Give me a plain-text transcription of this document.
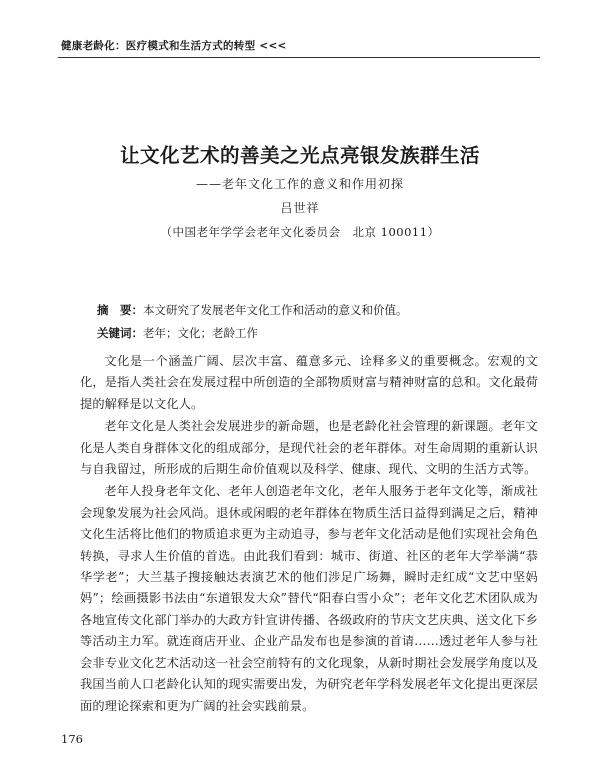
健康老龄化：医疗模式和生活方式的转型 <<<
让文化艺术的善美之光点亮银发族群生活
——老年文化工作的意义和作用初探
吕世祥
（中国老年学学会老年文化委员会　北京 100011）
摘　要：本文研究了发展老年文化工作和活动的意义和价值。
关键词：老年；文化；老龄工作

文化是一个涵盖广阔、层次丰富、蕴意多元、诠释多义的重要概念。宏观的文化，是指人类社会在发展过程中所创造的全部物质财富与精神财富的总和。文化最荷提的解释是以文化人。

老年文化是人类社会发展进步的新命题，也是老龄化社会管理的新课题。老年文化是人类自身群体文化的组成部分，是现代社会的老年群体。对生命周期的重新认识与自我留过，所形成的后期生命价值观以及科学、健康、现代、文明的生活方式等。

老年人投身老年文化、老年人创造老年文化，老年人服务于老年文化等，渐成社会现象发展为社会风尚。退休或闲暇的老年群体在物质生活日益得到满足之后，精神文化生活将比他们的物质追求更为主动追寻，参与老年文化活动是他们实现社会角色转换，寻求人生价值的首选。由此我们看到：城市、街道、社区的老年大学举满“恭华学老”；大兰基子搜接触达表演艺术的他们涉足广场舞，瞬时走红成“文艺中坚妈妈”；绘画摄影书法由“东道银发大众”替代“阳春白雪小众”；老年文化艺术团队成为各地宣传文化部门举办的大政方针宣讲传播、各级政府的节庆文艺庆典、送文化下乡等活动主力军。就连商店开业、企业产品发布也是参演的首请……透过老年人参与社会非专业文化艺术活动这一社会空前特有的文化现象，从新时期社会发展学角度以及我国当前人口老龄化认知的现实需要出发，为研究老年学科发展老年文化提出更深层面的理论探索和更为广阔的社会实践前景。

176
